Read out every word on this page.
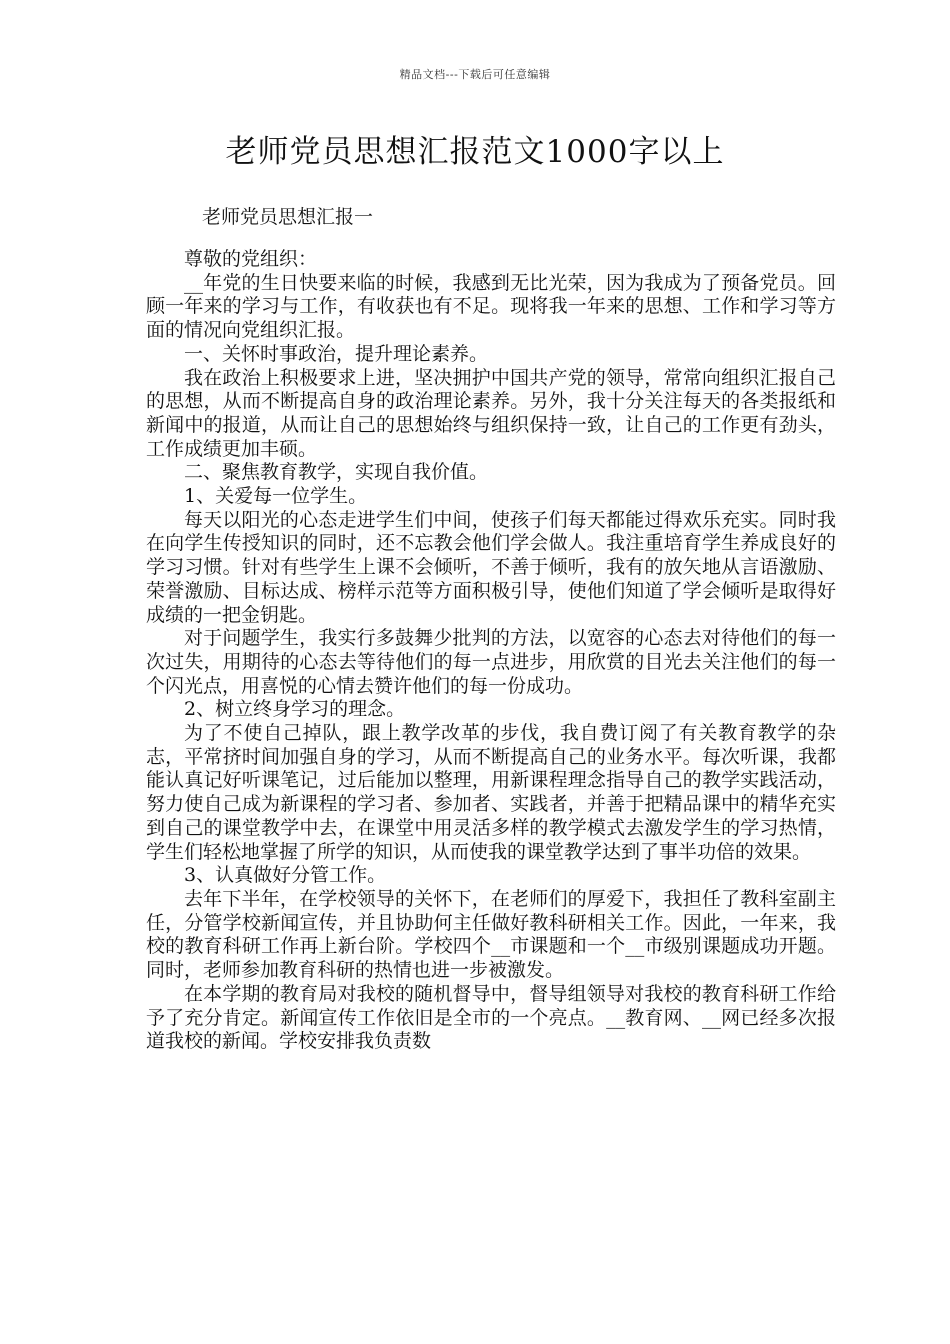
精品文档---下载后可任意编辑
老师党员思想汇报范文1000字以上
老师党员思想汇报一

尊敬的党组织：

__年党的生日快要来临的时候，我感到无比光荣，因为我成为了预备党员。回顾一年来的学习与工作，有收获也有不足。现将我一年来的思想、工作和学习等方面的情况向党组织汇报。

一、关怀时事政治，提升理论素养。

我在政治上积极要求上进，坚决拥护中国共产党的领导，常常向组织汇报自己的思想，从而不断提高自身的政治理论素养。另外，我十分关注每天的各类报纸和新闻中的报道，从而让自己的思想始终与组织保持一致，让自己的工作更有劲头，工作成绩更加丰硕。

二、聚焦教育教学，实现自我价值。

1、关爱每一位学生。

每天以阳光的心态走进学生们中间，使孩子们每天都能过得欢乐充实。同时我在向学生传授知识的同时，还不忘教会他们学会做人。我注重培育学生养成良好的学习习惯。针对有些学生上课不会倾听，不善于倾听，我有的放矢地从言语激励、荣誉激励、目标达成、榜样示范等方面积极引导，使他们知道了学会倾听是取得好成绩的一把金钥匙。

对于问题学生，我实行多鼓舞少批判的方法，以宽容的心态去对待他们的每一次过失，用期待的心态去等待他们的每一点进步，用欣赏的目光去关注他们的每一个闪光点，用喜悦的心情去赞许他们的每一份成功。

2、树立终身学习的理念。

为了不使自己掉队，跟上教学改革的步伐，我自费订阅了有关教育教学的杂志，平常挤时间加强自身的学习，从而不断提高自己的业务水平。每次听课，我都能认真记好听课笔记，过后能加以整理，用新课程理念指导自己的教学实践活动，努力使自己成为新课程的学习者、参加者、实践者，并善于把精品课中的精华充实到自己的课堂教学中去，在课堂中用灵活多样的教学模式去激发学生的学习热情，学生们轻松地掌握了所学的知识，从而使我的课堂教学达到了事半功倍的效果。

3、认真做好分管工作。

去年下半年，在学校领导的关怀下，在老师们的厚爱下，我担任了教科室副主任，分管学校新闻宣传，并且协助何主任做好教科研相关工作。因此，一年来，我校的教育科研工作再上新台阶。学校四个__市课题和一个__市级别课题成功开题。同时，老师参加教育科研的热情也进一步被激发。

在本学期的教育局对我校的随机督导中，督导组领导对我校的教育科研工作给予了充分肯定。新闻宣传工作依旧是全市的一个亮点。__教育网、__网已经多次报道我校的新闻。学校安排我负责数
